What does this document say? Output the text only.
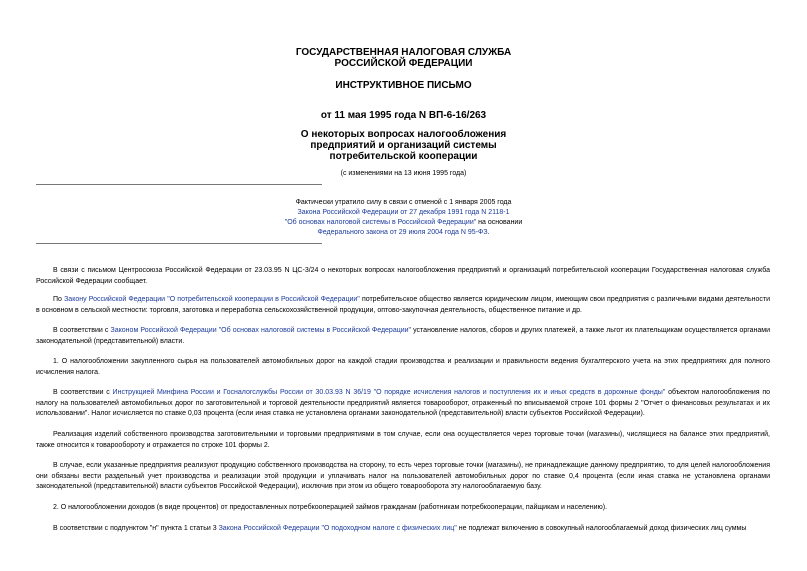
ГОСУДАРСТВЕННАЯ НАЛОГОВАЯ СЛУЖБА
РОССИЙСКОЙ ФЕДЕРАЦИИ
ИНСТРУКТИВНОЕ ПИСЬМО
от 11 мая 1995 года N ВП-6-16/263
О некоторых вопросах налогообложения
предприятий и организаций системы
потребительской кооперации
(с изменениями на 13 июня 1995 года)
Фактически утратило силу в связи с отменой с 1 января 2005 года
Закона Российской Федерации от 27 декабря 1991 года N 2118-1
"Об основах налоговой системы в Российской Федерации" на основании
Федерального закона от 29 июля 2004 года N 95-ФЗ.
В связи с письмом Центросоюза Российской Федерации от 23.03.95 N ЦС-3/24 о некоторых вопросах налогообложения предприятий и организаций потребительской кооперации Государственная налоговая служба Российской Федерации сообщает.
По Закону Российской Федерации "О потребительской кооперации в Российской Федерации" потребительское общество является юридическим лицом, имеющим свои предприятия с различными видами деятельности в основном в сельской местности: торговля, заготовка и переработка сельскохозяйственной продукции, оптово-закупочная деятельность, общественное питание и др.
В соответствии с Законом Российской Федерации "Об основах налоговой системы в Российской Федерации" установление налогов, сборов и других платежей, а также льгот их плательщикам осуществляется органами законодательной (представительной) власти.
1. О налогообложении закупленного сырья на пользователей автомобильных дорог на каждой стадии производства и реализации и правильности ведения бухгалтерского учета на этих предприятиях для полного исчисления налога.
В соответствии с Инструкцией Минфина России и Госналогслужбы России от 30.03.93 N 36/19 "О порядке исчисления налогов и поступления их и иных средств в дорожные фонды" объектом налогообложения по налогу на пользователей автомобильных дорог по заготовительной и торговой деятельности предприятий является товарооборот, отраженный по вписываемой строке 101 формы 2 "Отчет о финансовых результатах и их использовании". Налог исчисляется по ставке 0,03 процента (если иная ставка не установлена органами законодательной (представительной) власти субъектов Российской Федерации).
Реализация изделий собственного производства заготовительными и торговыми предприятиями в том случае, если она осуществляется через торговые точки (магазины), числящиеся на балансе этих предприятий, также относится к товарообороту и отражается по строке 101 формы 2.
В случае, если указанные предприятия реализуют продукцию собственного производства на сторону, то есть через торговые точки (магазины), не принадлежащие данному предприятию, то для целей налогообложения они обязаны вести раздельный учет производства и реализации этой продукции и уплачивать налог на пользователей автомобильных дорог по ставке 0,4 процента (если иная ставка не установлена органами законодательной (представительной) власти субъектов Российской Федерации), исключив при этом из общего товарооборота эту налогооблагаемую базу.
2. О налогообложении доходов (в виде процентов) от предоставленных потребкооперацией займов гражданам (работникам потребкооперации, пайщикам и населению).
В соответствии с подпунктом "н" пункта 1 статьи 3 Закона Российской Федерации "О подоходном налоге с физических лиц" не подлежат включению в совокупный налогооблагаемый доход физических лиц суммы
